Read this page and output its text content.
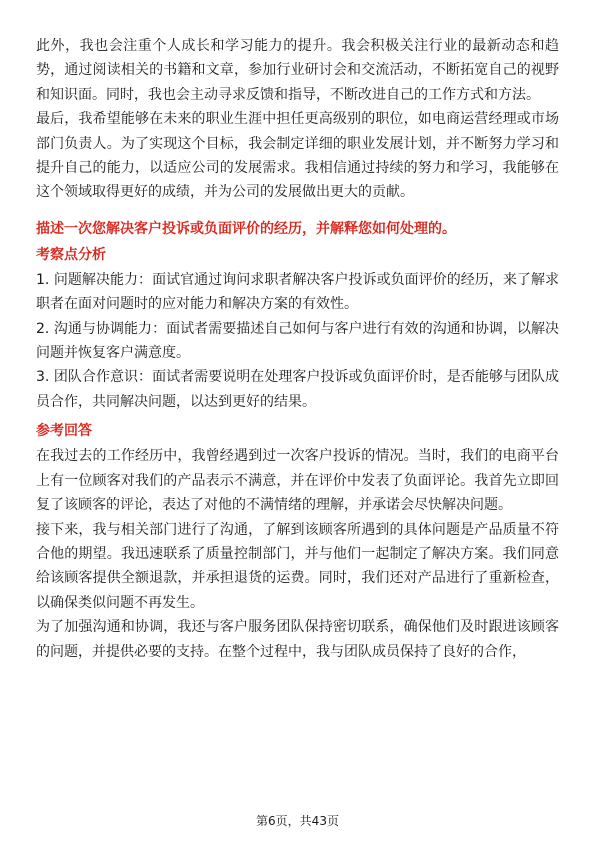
此外，我也会注重个人成长和学习能力的提升。我会积极关注行业的最新动态和趋势，通过阅读相关的书籍和文章，参加行业研讨会和交流活动，不断拓宽自己的视野和知识面。同时，我也会主动寻求反馈和指导，不断改进自己的工作方式和方法。

最后，我希望能够在未来的职业生涯中担任更高级别的职位，如电商运营经理或市场部门负责人。为了实现这个目标，我会制定详细的职业发展计划，并不断努力学习和提升自己的能力，以适应公司的发展需求。我相信通过持续的努力和学习，我能够在这个领域取得更好的成绩，并为公司的发展做出更大的贡献。

描述一次您解决客户投诉或负面评价的经历，并解释您如何处理的。
考察点分析

1. 问题解决能力：面试官通过询问求职者解决客户投诉或负面评价的经历，来了解求职者在面对问题时的应对能力和解决方案的有效性。

2. 沟通与协调能力：面试者需要描述自己如何与客户进行有效的沟通和协调，以解决问题并恢复客户满意度。

3. 团队合作意识：面试者需要说明在处理客户投诉或负面评价时，是否能够与团队成员合作，共同解决问题，以达到更好的结果。

参考回答

在我过去的工作经历中，我曾经遇到过一次客户投诉的情况。当时，我们的电商平台上有一位顾客对我们的产品表示不满意，并在评价中发表了负面评论。我首先立即回复了该顾客的评论，表达了对他的不满情绪的理解，并承诺会尽快解决问题。

接下来，我与相关部门进行了沟通，了解到该顾客所遇到的具体问题是产品质量不符合他的期望。我迅速联系了质量控制部门，并与他们一起制定了解决方案。我们同意给该顾客提供全额退款，并承担退货的运费。同时，我们还对产品进行了重新检查，以确保类似问题不再发生。

为了加强沟通和协调，我还与客户服务团队保持密切联系，确保他们及时跟进该顾客的问题，并提供必要的支持。在整个过程中，我与团队成员保持了良好的合作，

第6页，共43页
